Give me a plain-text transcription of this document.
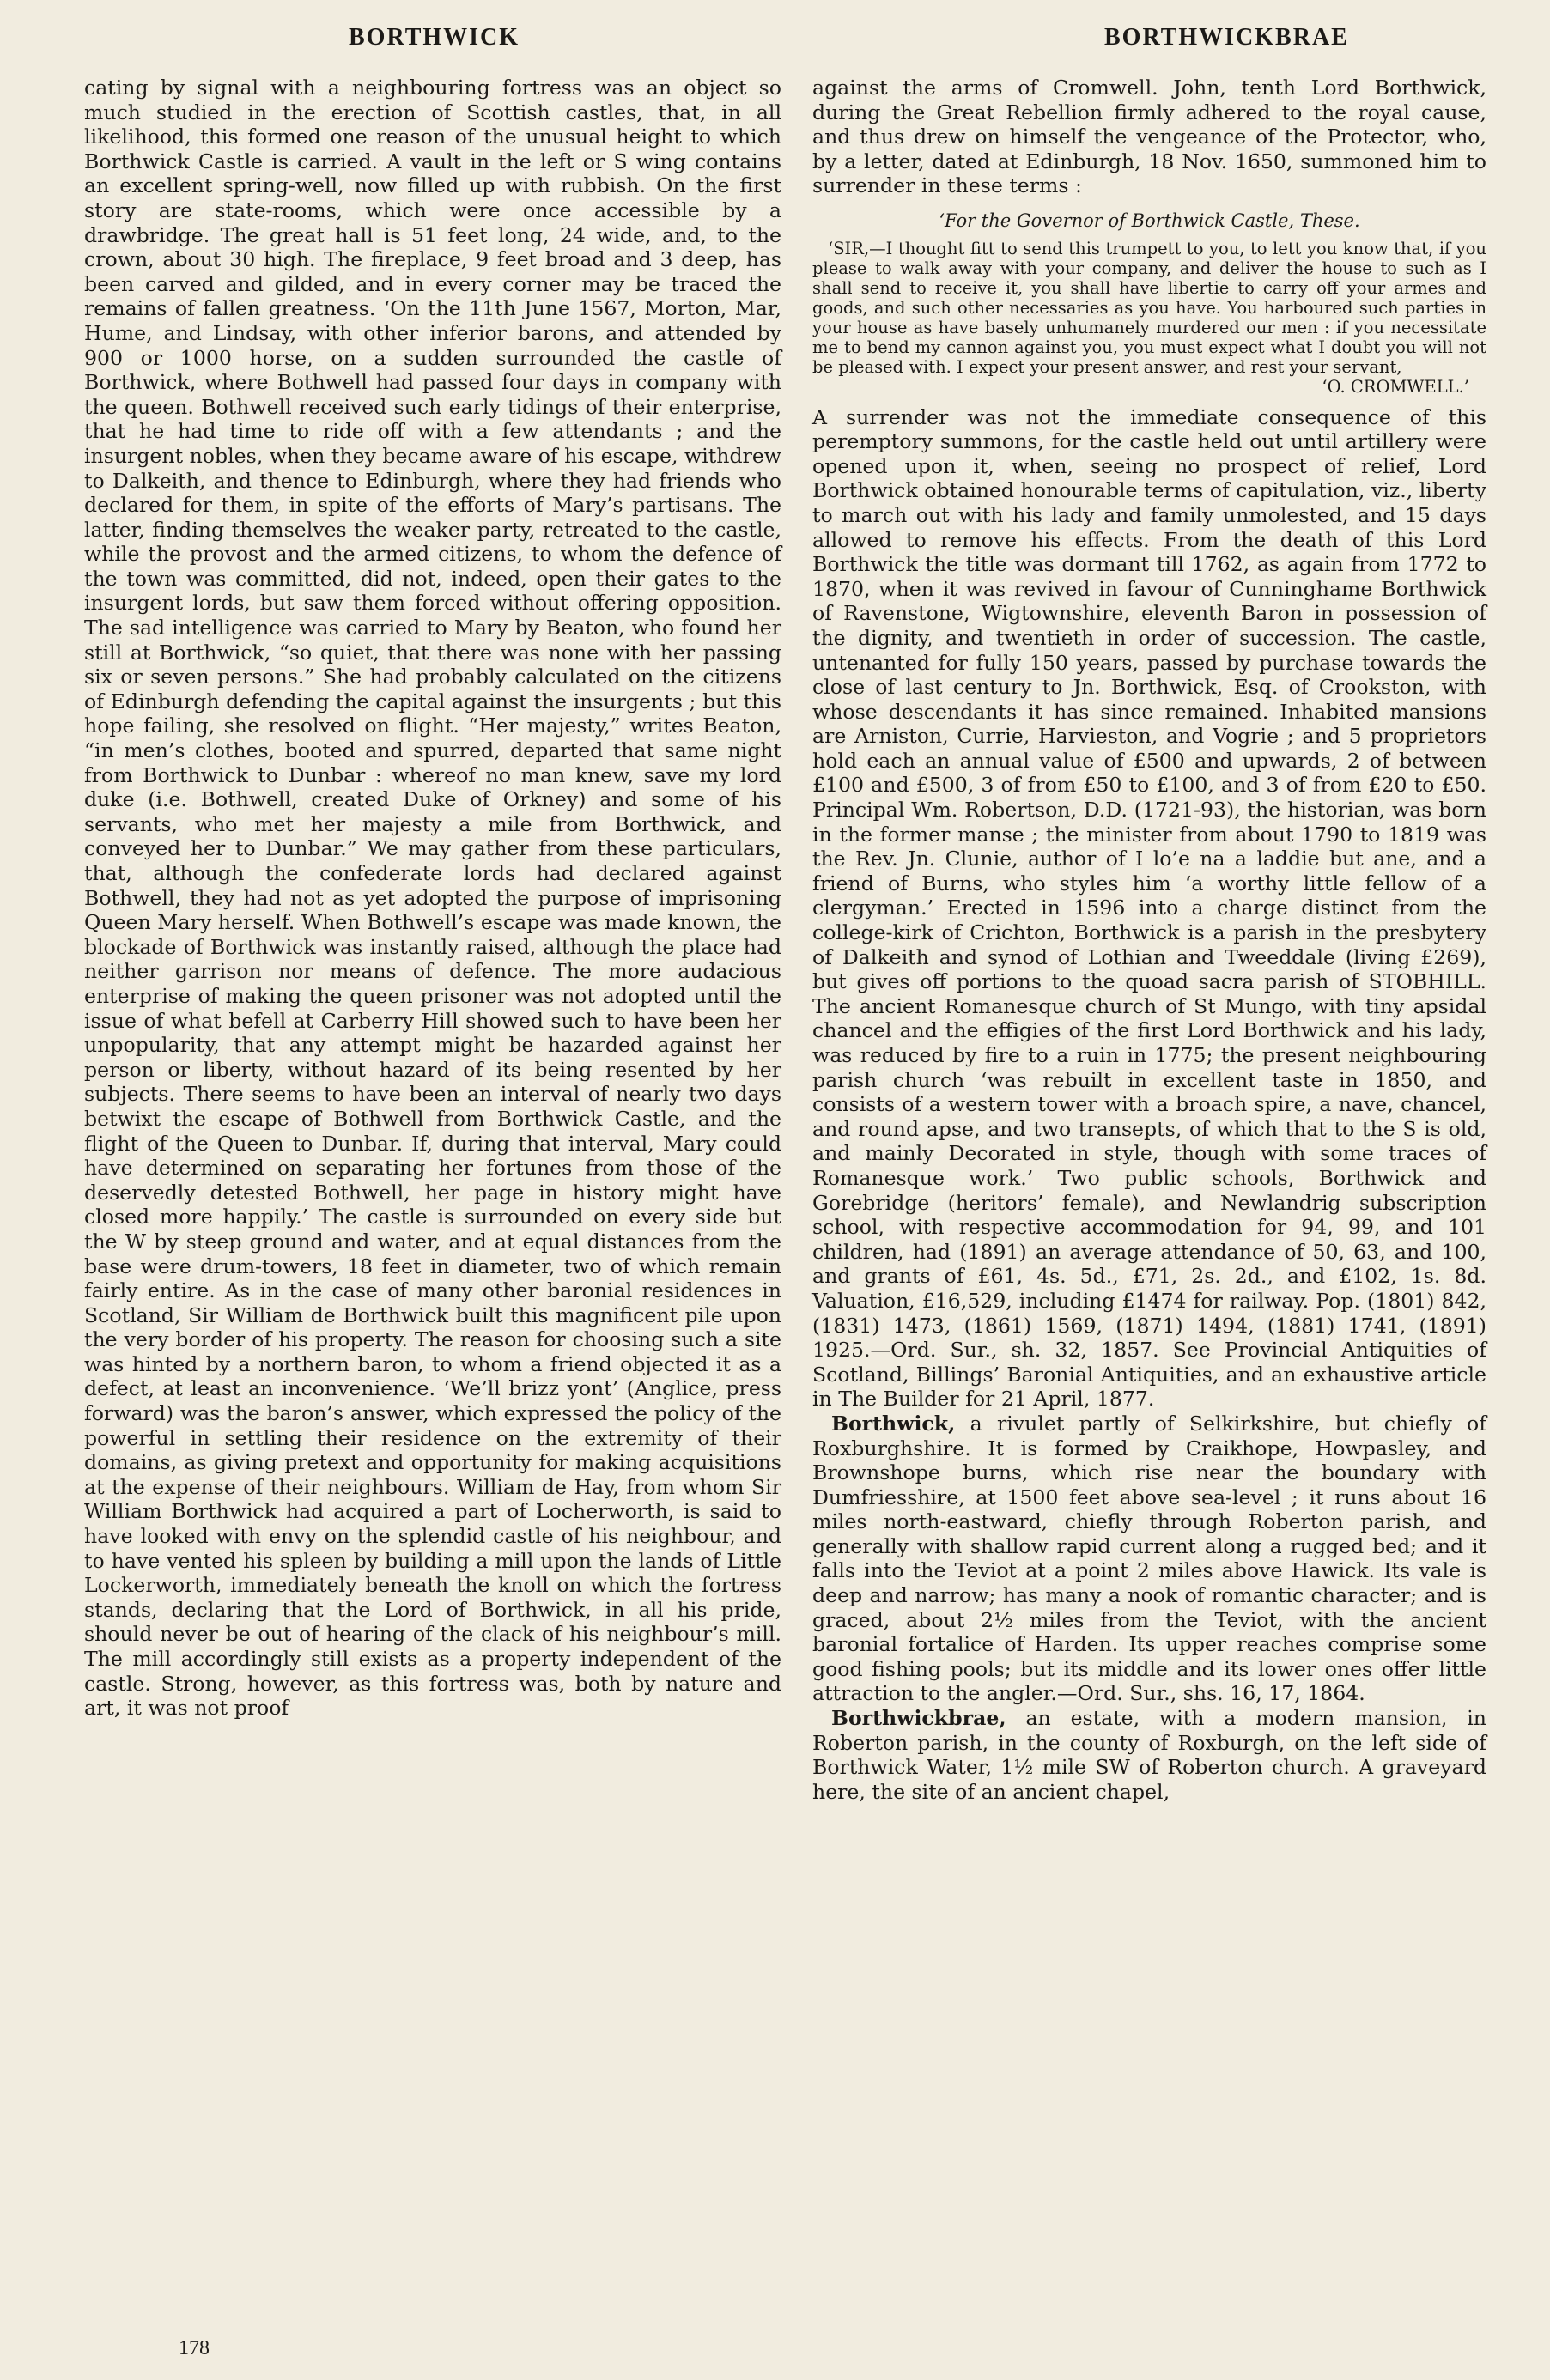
BORTHWICK	BORTHWICKBRAE

cating by signal with a neighbouring fortress was an object so much studied in the erection of Scottish castles, that, in all likelihood, this formed one reason of the unusual height to which Borthwick Castle is carried. A vault in the left or S wing contains an excellent spring-well, now filled up with rubbish. On the first story are state-rooms, which were once accessible by a drawbridge. The great hall is 51 feet long, 24 wide, and, to the crown, about 30 high. The fireplace, 9 feet broad and 3 deep, has been carved and gilded, and in every corner may be traced the remains of fallen greatness. ‘On the 11th June 1567, Morton, Mar, Hume, and Lindsay, with other inferior barons, and attended by 900 or 1000 horse, on a sudden surrounded the castle of Borthwick, where Bothwell had passed four days in company with the queen. Bothwell received such early tidings of their enterprise, that he had time to ride off with a few attendants ; and the insurgent nobles, when they became aware of his escape, withdrew to Dalkeith, and thence to Edinburgh, where they had friends who declared for them, in spite of the efforts of Mary’s partisans. The latter, finding themselves the weaker party, retreated to the castle, while the provost and the armed citizens, to whom the defence of the town was committed, did not, indeed, open their gates to the insurgent lords, but saw them forced without offering opposition. The sad intelligence was carried to Mary by Beaton, who found her still at Borthwick, “so quiet, that there was none with her passing six or seven persons.” She had probably calculated on the citizens of Edinburgh defending the capital against the insurgents ; but this hope failing, she resolved on flight. “Her majesty,” writes Beaton, “in men’s clothes, booted and spurred, departed that same night from Borthwick to Dunbar : whereof no man knew, save my lord duke (i.e. Bothwell, created Duke of Orkney) and some of his servants, who met her majesty a mile from Borthwick, and conveyed her to Dunbar.” We may gather from these particulars, that, although the confederate lords had declared against Bothwell, they had not as yet adopted the purpose of imprisoning Queen Mary herself. When Bothwell’s escape was made known, the blockade of Borthwick was instantly raised, although the place had neither garrison nor means of defence. The more audacious enterprise of making the queen prisoner was not adopted until the issue of what befell at Carberry Hill showed such to have been her unpopularity, that any attempt might be hazarded against her person or liberty, without hazard of its being resented by her subjects. There seems to have been an interval of nearly two days betwixt the escape of Bothwell from Borthwick Castle, and the flight of the Queen to Dunbar. If, during that interval, Mary could have determined on separating her fortunes from those of the deservedly detested Bothwell, her page in history might have closed more happily.’ The castle is surrounded on every side but the W by steep ground and water, and at equal distances from the base were drum-towers, 18 feet in diameter, two of which remain fairly entire. As in the case of many other baronial residences in Scotland, Sir William de Borthwick built this magnificent pile upon the very border of his property. The reason for choosing such a site was hinted by a northern baron, to whom a friend objected it as a defect, at least an inconvenience. ‘We’ll brizz yont’ (Anglice, press forward) was the baron’s answer, which expressed the policy of the powerful in settling their residence on the extremity of their domains, as giving pretext and opportunity for making acquisitions at the expense of their neighbours. William de Hay, from whom Sir William Borthwick had acquired a part of Locherworth, is said to have looked with envy on the splendid castle of his neighbour, and to have vented his spleen by building a mill upon the lands of Little Lockerworth, immediately beneath the knoll on which the fortress stands, declaring that the Lord of Borthwick, in all his pride, should never be out of hearing of the clack of his neighbour’s mill. The mill accordingly still exists as a property independent of the castle. Strong, however, as this fortress was, both by nature and art, it was not proof

against the arms of Cromwell. John, tenth Lord Borthwick, during the Great Rebellion firmly adhered to the royal cause, and thus drew on himself the vengeance of the Protector, who, by a letter, dated at Edinburgh, 18 Nov. 1650, summoned him to surrender in these terms :

‘For the Governor of Borthwick Castle, These.

‘SIR,—I thought fitt to send this trumpett to you, to lett you know that, if you please to walk away with your company, and deliver the house to such as I shall send to receive it, you shall have libertie to carry off your armes and goods, and such other necessaries as you have. You harboured such parties in your house as have basely unhumanely murdered our men : if you necessitate me to bend my cannon against you, you must expect what I doubt you will not be pleased with. I expect your present answer, and rest your servant,

‘O. CROMWELL.’

A surrender was not the immediate consequence of this peremptory summons, for the castle held out until artillery were opened upon it, when, seeing no prospect of relief, Lord Borthwick obtained honourable terms of capitulation, viz., liberty to march out with his lady and family unmolested, and 15 days allowed to remove his effects. From the death of this Lord Borthwick the title was dormant till 1762, as again from 1772 to 1870, when it was revived in favour of Cunninghame Borthwick of Ravenstone, Wigtownshire, eleventh Baron in possession of the dignity, and twentieth in order of succession. The castle, untenanted for fully 150 years, passed by purchase towards the close of last century to Jn. Borthwick, Esq. of Crookston, with whose descendants it has since remained. Inhabited mansions are Arniston, Currie, Harvieston, and Vogrie ; and 5 proprietors hold each an annual value of £500 and upwards, 2 of between £100 and £500, 3 of from £50 to £100, and 3 of from £20 to £50. Principal Wm. Robertson, D.D. (1721-93), the historian, was born in the former manse ; the minister from about 1790 to 1819 was the Rev. Jn. Clunie, author of I lo’e na a laddie but ane, and a friend of Burns, who styles him ‘a worthy little fellow of a clergyman.’ Erected in 1596 into a charge distinct from the college-kirk of Crichton, Borthwick is a parish in the presbytery of Dalkeith and synod of Lothian and Tweeddale (living £269), but gives off portions to the quoad sacra parish of STOBHILL. The ancient Romanesque church of St Mungo, with tiny apsidal chancel and the effigies of the first Lord Borthwick and his lady, was reduced by fire to a ruin in 1775; the present neighbouring parish church ‘was rebuilt in excellent taste in 1850, and consists of a western tower with a broach spire, a nave, chancel, and round apse, and two transepts, of which that to the S is old, and mainly Decorated in style, though with some traces of Romanesque work.’ Two public schools, Borthwick and Gorebridge (heritors’ female), and Newlandrig subscription school, with respective accommodation for 94, 99, and 101 children, had (1891) an average attendance of 50, 63, and 100, and grants of £61, 4s. 5d., £71, 2s. 2d., and £102, 1s. 8d. Valuation, £16,529, including £1474 for railway. Pop. (1801) 842, (1831) 1473, (1861) 1569, (1871) 1494, (1881) 1741, (1891) 1925.—Ord. Sur., sh. 32, 1857. See Provincial Antiquities of Scotland, Billings’ Baronial Antiquities, and an exhaustive article in The Builder for 21 April, 1877.

Borthwick, a rivulet partly of Selkirkshire, but chiefly of Roxburghshire. It is formed by Craikhope, Howpasley, and Brownshope burns, which rise near the boundary with Dumfriesshire, at 1500 feet above sea-level ; it runs about 16 miles north-eastward, chiefly through Roberton parish, and generally with shallow rapid current along a rugged bed; and it falls into the Teviot at a point 2 miles above Hawick. Its vale is deep and narrow; has many a nook of romantic character; and is graced, about 2½ miles from the Teviot, with the ancient baronial fortalice of Harden. Its upper reaches comprise some good fishing pools; but its middle and its lower ones offer little attraction to the angler.—Ord. Sur., shs. 16, 17, 1864.

Borthwickbrae, an estate, with a modern mansion, in Roberton parish, in the county of Roxburgh, on the left side of Borthwick Water, 1½ mile SW of Roberton church. A graveyard here, the site of an ancient chapel,

178
